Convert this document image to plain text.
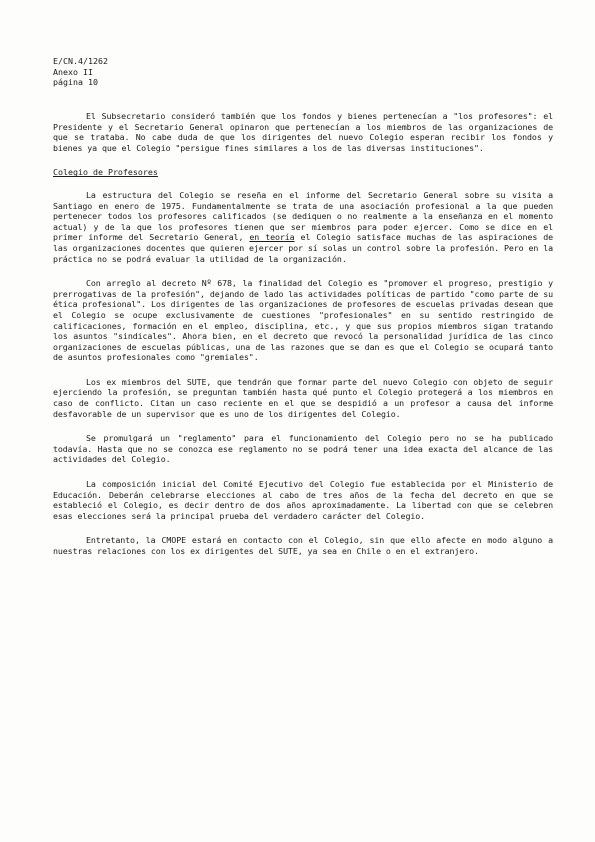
E/CN.4/1262
Anexo II
página 10

El Subsecretario consideró también que los fondos y bienes pertenecían a "los profesores": el Presidente y el Secretario General opinaron que pertenecían a los miembros de las organizaciones de que se trataba. No cabe duda de que los dirigentes del nuevo Colegio esperan recibir los fondos y bienes ya que el Colegio "persigue fines similares a los de las diversas instituciones".

Colegio de Profesores

La estructura del Colegio se reseña en el informe del Secretario General sobre su visita a Santiago en enero de 1975. Fundamentalmente se trata de una asociación profesional a la que pueden pertenecer todos los profesores calificados (se dediquen o no realmente a la enseñanza en el momento actual) y de la que los profesores tienen que ser miembros para poder ejercer. Como se dice en el primer informe del Secretario General, en teoría el Colegio satisface muchas de las aspiraciones de las organizaciones docentes que quieren ejercer por sí solas un control sobre la profesión. Pero en la práctica no se podrá evaluar la utilidad de la organización.

Con arreglo al decreto Nº 678, la finalidad del Colegio es "promover el progreso, prestigio y prerrogativas de la profesión", dejando de lado las actividades políticas de partido "como parte de su ética profesional". Los dirigentes de las organizaciones de profesores de escuelas privadas desean que el Colegio se ocupe exclusivamente de cuestiones "profesionales" en su sentido restringido de calificaciones, formación en el empleo, disciplina, etc., y que sus propios miembros sigan tratando los asuntos "sindicales". Ahora bien, en el decreto que revocó la personalidad jurídica de las cinco organizaciones de escuelas públicas, una de las razones que se dan es que el Colegio se ocupará tanto de asuntos profesionales como "gremiales".

Los ex miembros del SUTE, que tendrán que formar parte del nuevo Colegio con objeto de seguir ejerciendo la profesión, se preguntan también hasta qué punto el Colegio protegerá a los miembros en caso de conflicto. Citan un caso reciente en el que se despidió a un profesor a causa del informe desfavorable de un supervisor que es uno de los dirigentes del Colegio.

Se promulgará un "reglamento" para el funcionamiento del Colegio pero no se ha publicado todavía. Hasta que no se conozca ese reglamento no se podrá tener una idea exacta del alcance de las actividades del Colegio.

La composición inicial del Comité Ejecutivo del Colegio fue establecida por el Ministerio de Educación. Deberán celebrarse elecciones al cabo de tres años de la fecha del decreto en que se estableció el Colegio, es decir dentro de dos años aproximadamente. La libertad con que se celebren esas elecciones será la principal prueba del verdadero carácter del Colegio.

Entretanto, la CMOPE estará en contacto con el Colegio, sin que ello afecte en modo alguno a nuestras relaciones con los ex dirigentes del SUTE, ya sea en Chile o en el extranjero.
